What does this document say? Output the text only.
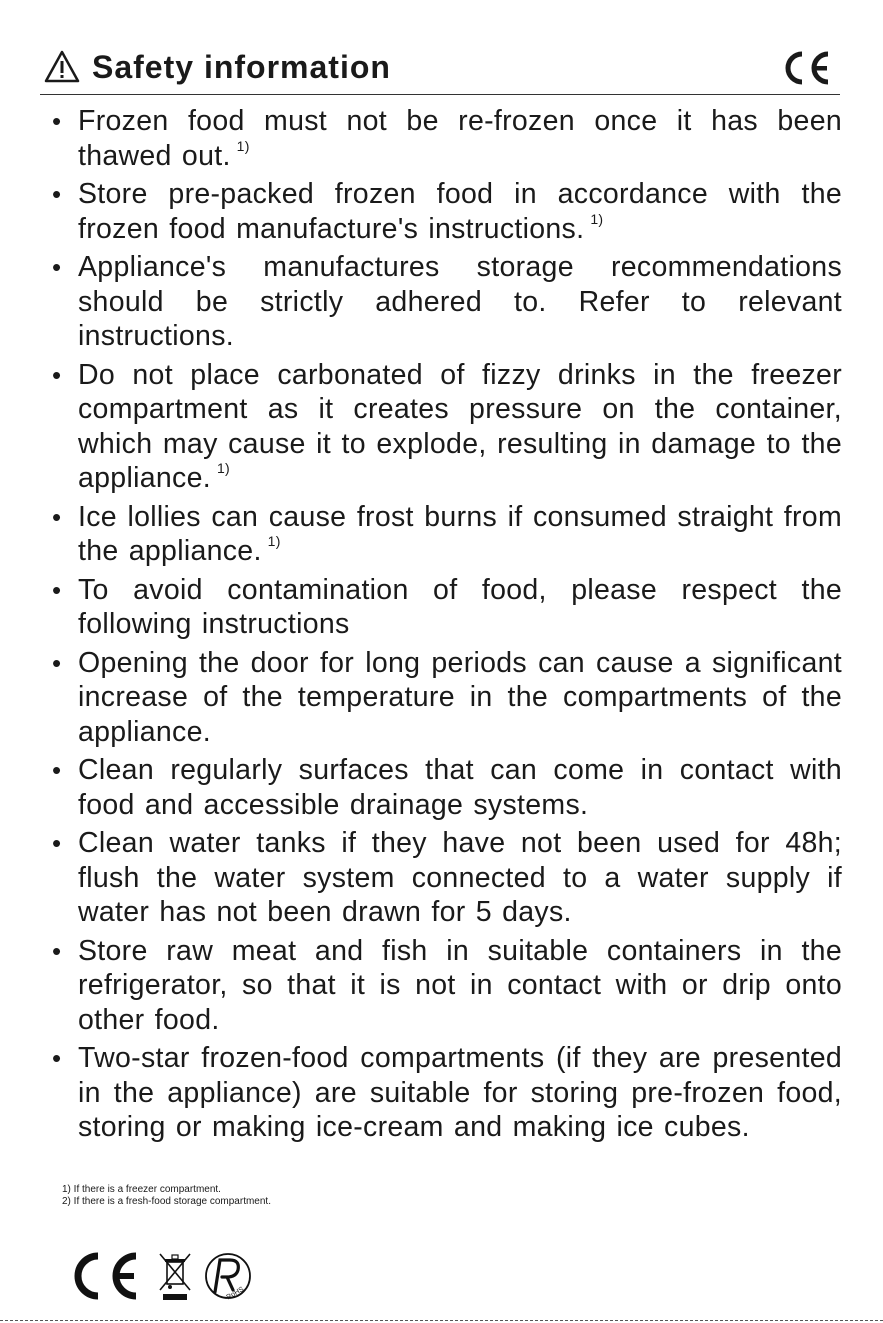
Safety information
• Frozen food must not be re-frozen once it has been thawed out. $^{1)}$
• Store pre-packed frozen food in accordance with the frozen food manufacture's instructions. $^{1)}$
• Appliance's manufactures storage recommendations should be strictly adhered to. Refer to relevant instructions.
• Do not place carbonated of fizzy drinks in the freezer compartment as it creates pressure on the container, which may cause it to explode, resulting in damage to the appliance. $^{1)}$
• Ice lollies can cause frost burns if consumed straight from the appliance. $^{1)}$
• To avoid contamination of food, please respect the following instructions
• Opening the door for long periods can cause a significant increase of the temperature in the compartments of the appliance.
• Clean regularly surfaces that can come in contact with food and accessible drainage systems.
• Clean water tanks if they have not been used for 48h; flush the water system connected to a water supply if water has not been drawn for 5 days.
• Store raw meat and fish in suitable containers in the refrigerator, so that it is not in contact with or drip onto other food.
• Two-star frozen-food compartments (if they are presented in the appliance) are suitable for storing pre-frozen food, storing or making ice-cream and making ice cubes.
1) If there is a freezer compartment.
2) If there is a fresh-food storage compartment.
RoHS
